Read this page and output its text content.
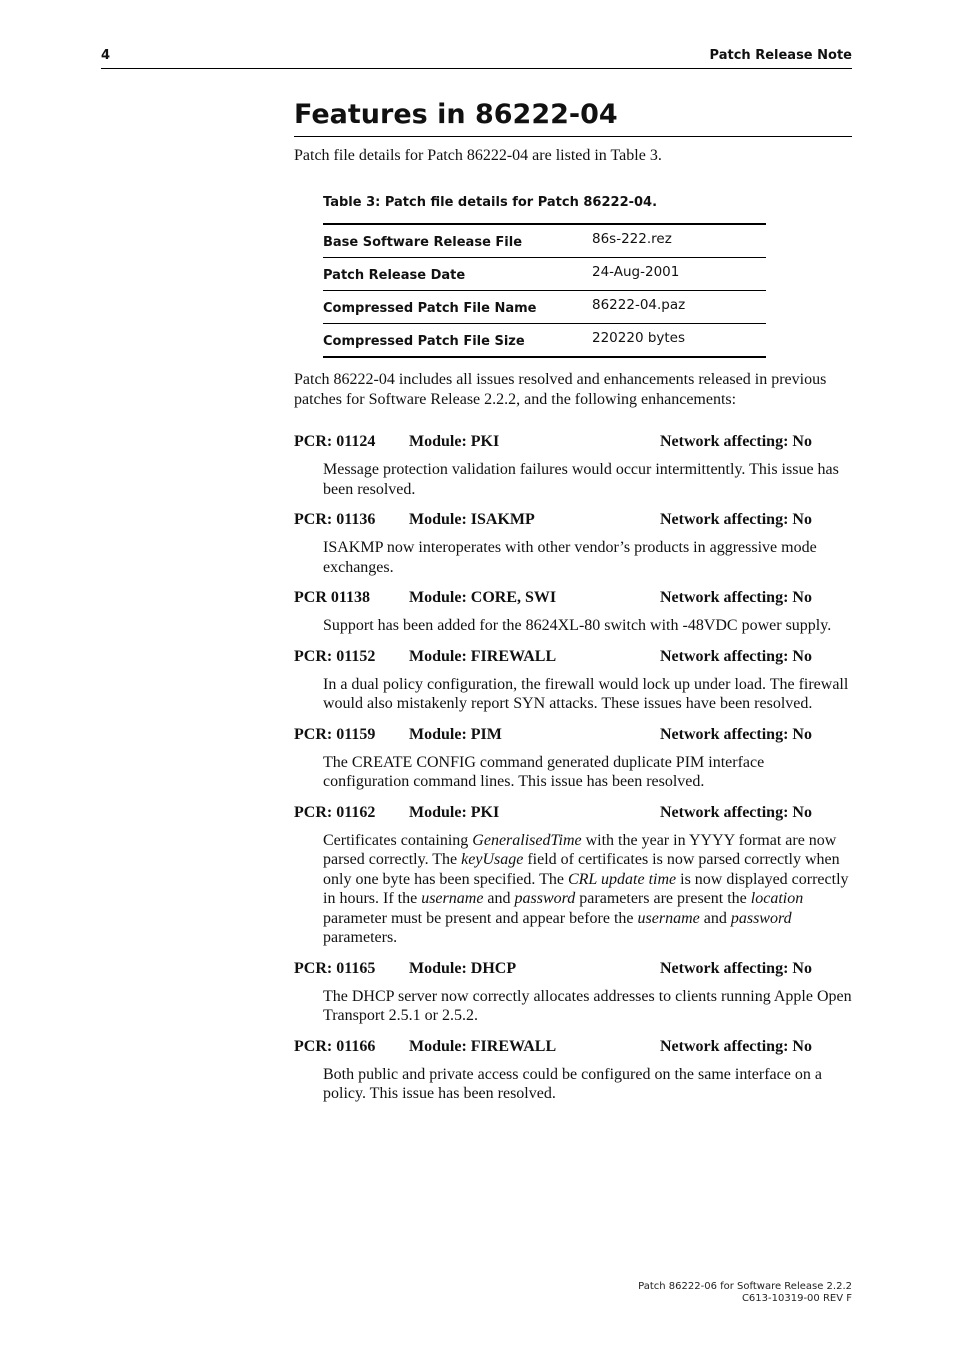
4	Patch Release Note
Features in 86222-04

Patch file details for Patch 86222-04 are listed in Table 3.

Table 3: Patch file details for Patch 86222-04.

Base Software Release File	86s-222.rez
Patch Release Date	24-Aug-2001
Compressed Patch File Name	86222-04.paz
Compressed Patch File Size	220220 bytes

Patch 86222-04 includes all issues resolved and enhancements released in previous patches for Software Release 2.2.2, and the following enhancements:

PCR: 01124 Module: PKI	Network affecting: No

Message protection validation failures would occur intermittently. This issue has been resolved.

PCR: 01136 Module: ISAKMP	Network affecting: No

ISAKMP now interoperates with other vendor’s products in aggressive mode exchanges.

PCR 01138 Module: CORE, SWI	Network affecting: No

Support has been added for the 8624XL-80 switch with -48VDC power supply.

PCR: 01152 Module: FIREWALL	Network affecting: No

In a dual policy configuration, the firewall would lock up under load. The firewall would also mistakenly report SYN attacks. These issues have been resolved.

PCR: 01159 Module: PIM	Network affecting: No

The CREATE CONFIG command generated duplicate PIM interface configuration command lines. This issue has been resolved.

PCR: 01162 Module: PKI	Network affecting: No

Certificates containing GeneralisedTime with the year in YYYY format are now parsed correctly. The keyUsage field of certificates is now parsed correctly when only one byte has been specified. The CRL update time is now displayed correctly in hours. If the username and password parameters are present the location parameter must be present and appear before the username and password parameters.

PCR: 01165 Module: DHCP	Network affecting: No

The DHCP server now correctly allocates addresses to clients running Apple Open Transport 2.5.1 or 2.5.2.

PCR: 01166 Module: FIREWALL	Network affecting: No

Both public and private access could be configured on the same interface on a policy. This issue has been resolved.

Patch 86222-06 for Software Release 2.2.2
C613-10319-00 REV F
